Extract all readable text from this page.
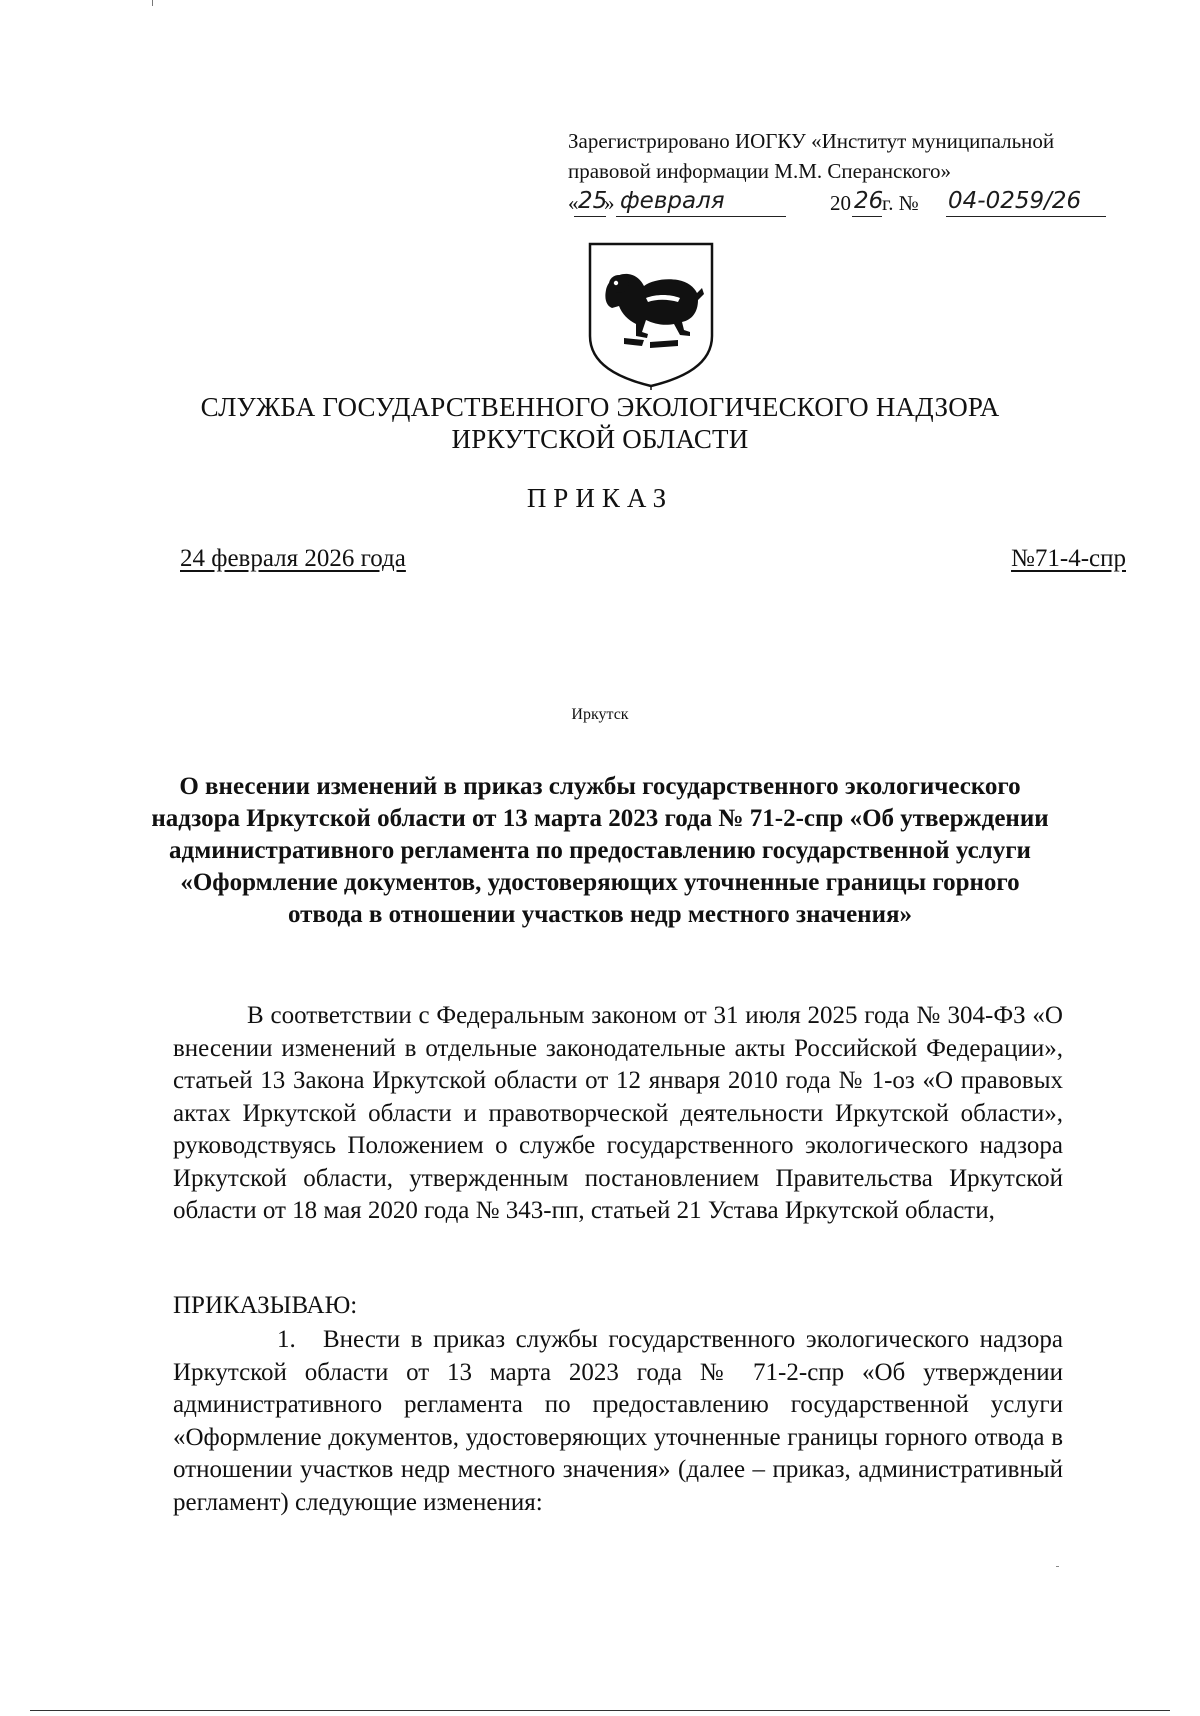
Зарегистрировано ИОГКУ «Институт муниципальной
правовой информации М.М. Сперанского»
« 25
» февраля	20 26
г. № 04-0259/26
СЛУЖБА ГОСУДАРСТВЕННОГО ЭКОЛОГИЧЕСКОГО НАДЗОРА
ИРКУТСКОЙ ОБЛАСТИ
ПРИКАЗ
24 февраля 2026 года	№71-4-спр
Иркутск
О внесении изменений в приказ службы государственного экологического надзора Иркутской области от 13 марта 2023 года № 71-2-спр «Об утверждении административного регламента по предоставлению государственной услуги «Оформление документов, удостоверяющих уточненные границы горного отвода в отношении участков недр местного значения»
В соответствии с Федеральным законом от 31 июля 2025 года № 304-ФЗ «О внесении изменений в отдельные законодательные акты Российской Федерации», статьей 13 Закона Иркутской области от 12 января 2010 года № 1-оз «О правовых актах Иркутской области и правотворческой деятельности Иркутской области», руководствуясь Положением о службе государственного экологического надзора Иркутской области, утвержденным постановлением Правительства Иркутской области от 18 мая 2020 года № 343-пп, статьей 21 Устава Иркутской области,
ПРИКАЗЫВАЮ:
1. Внести в приказ службы государственного экологического надзора Иркутской области от 13 марта 2023 года № 71-2-спр «Об утверждении административного регламента по предоставлению государственной услуги «Оформление документов, удостоверяющих уточненные границы горного отвода в отношении участков недр местного значения» (далее – приказ, административный регламент) следующие изменения:
